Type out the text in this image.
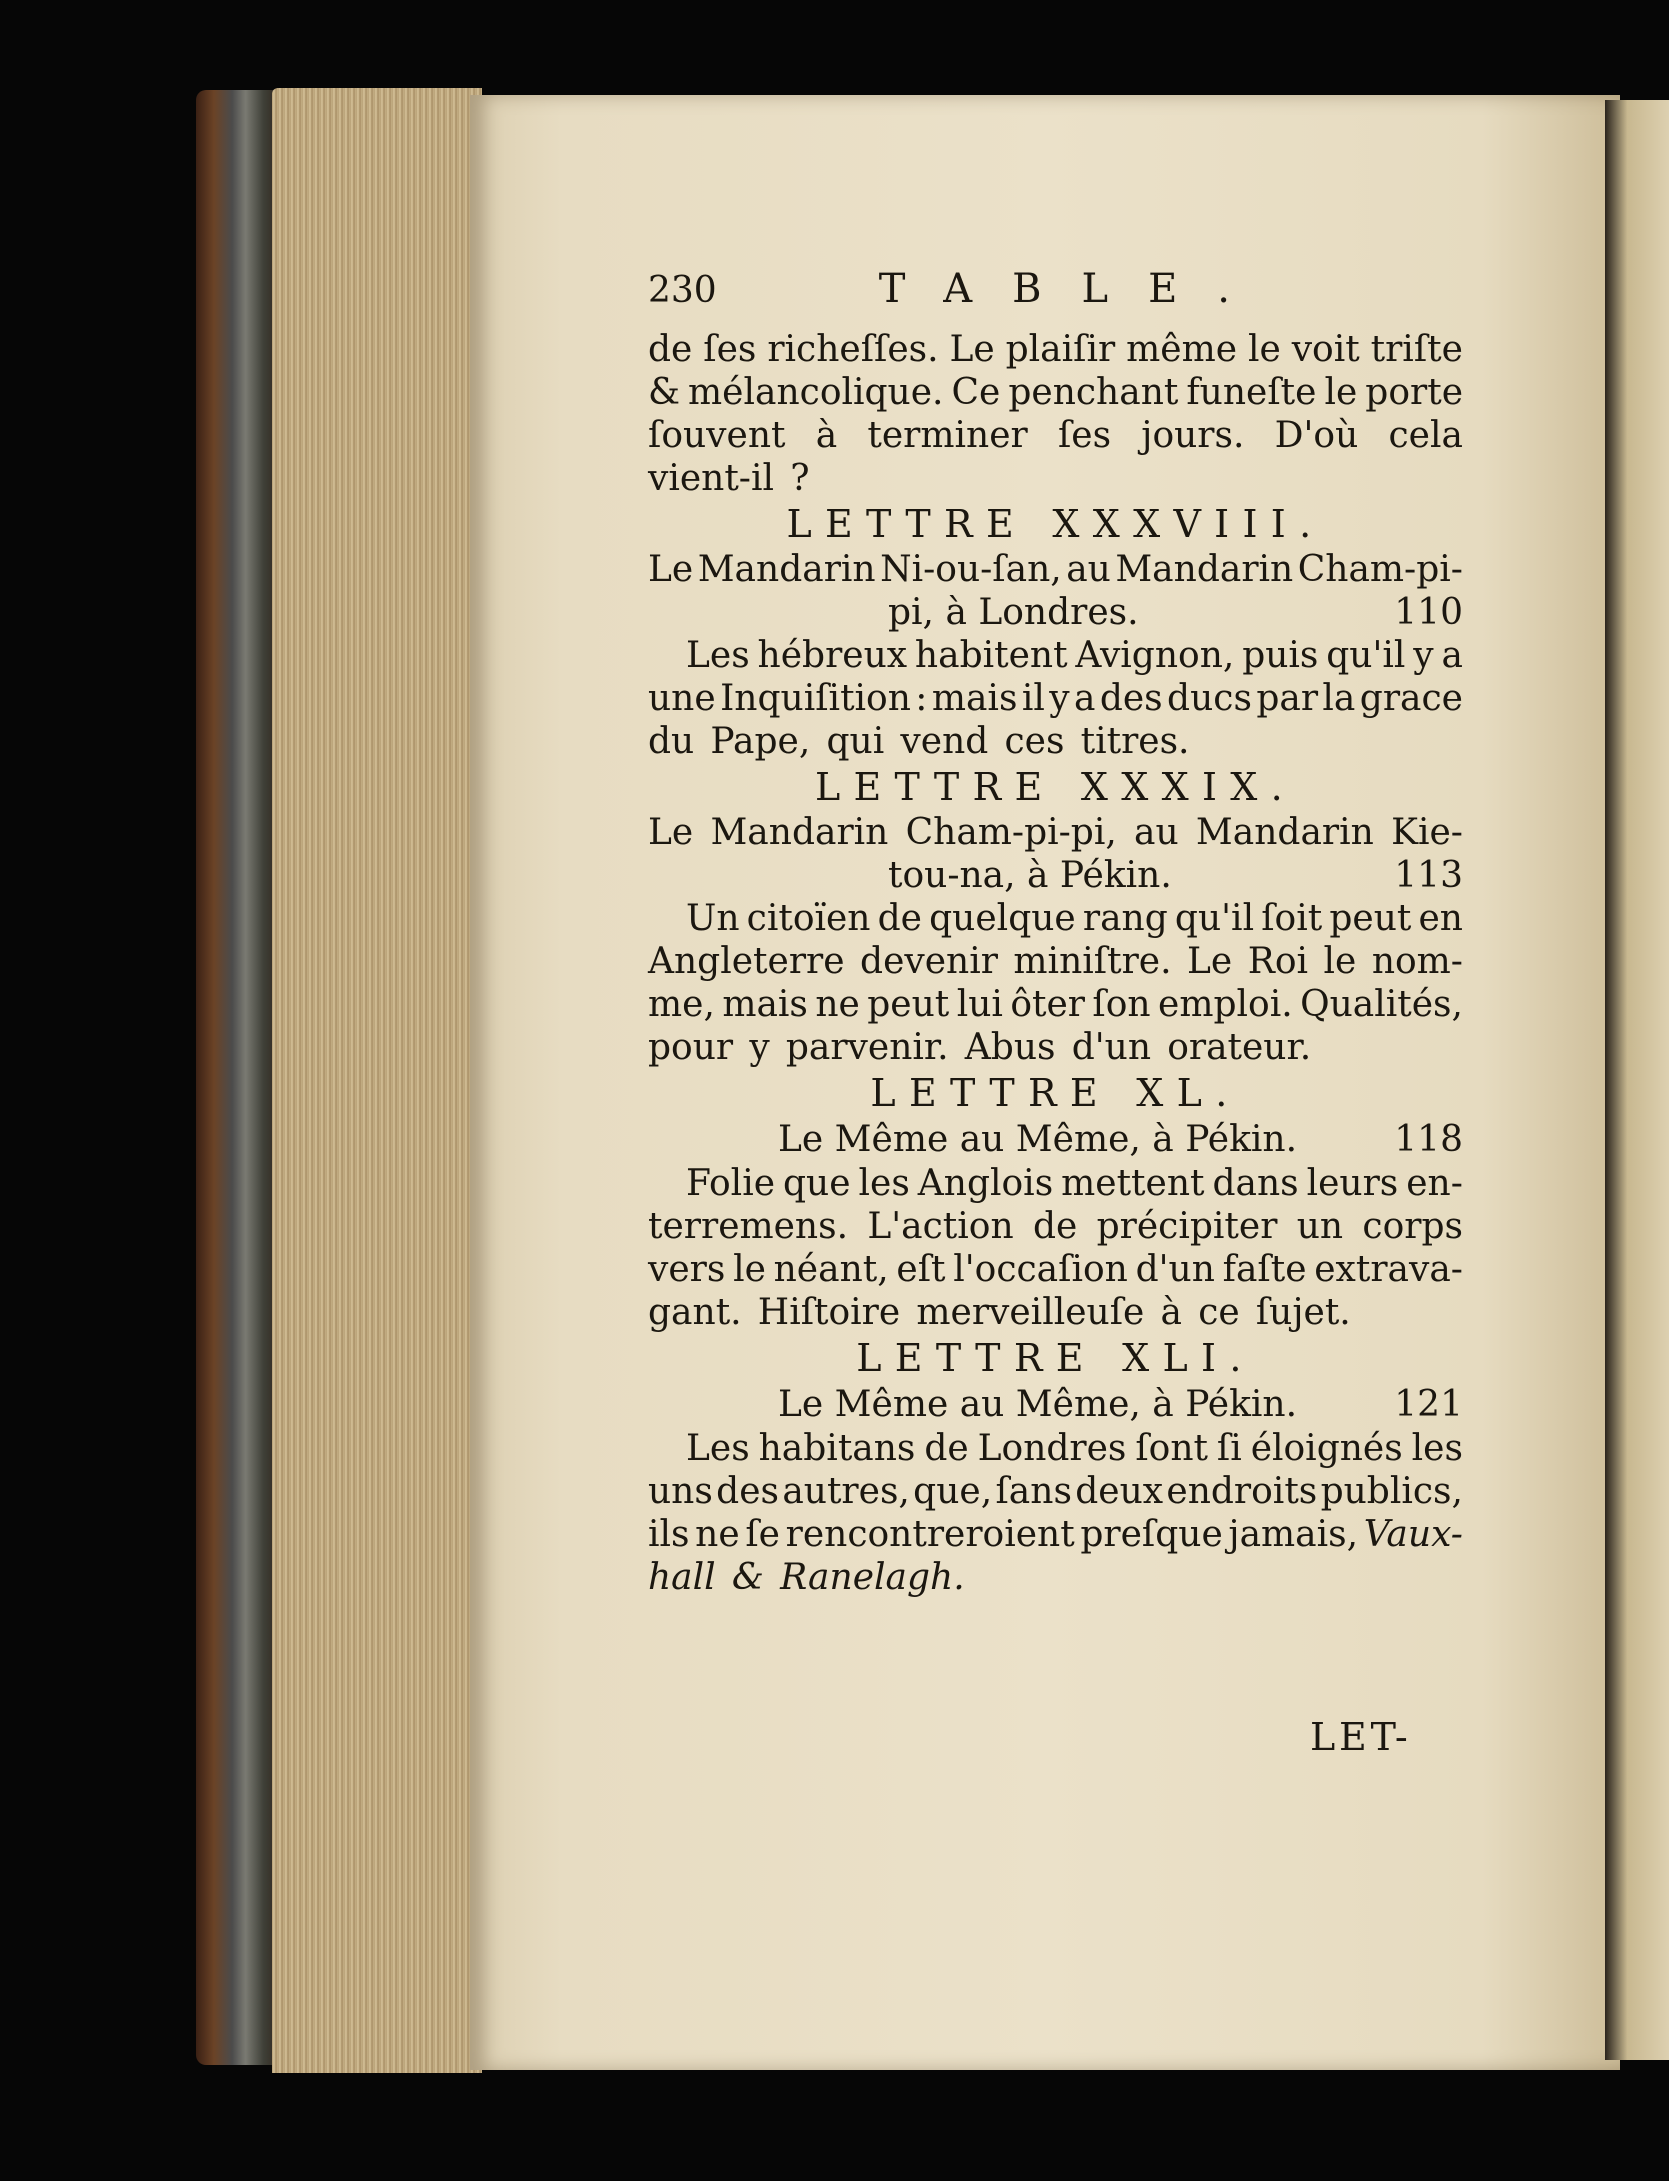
230	TABLE.
de ſes richeſſes. Le plaiſir même le voit triſte
& mélancolique. Ce penchant funeſte le porte
ſouvent à terminer ſes jours. D'où cela
vient-il ?
LETTRE XXXVIII.
Le Mandarin Ni-ou-ſan, au Mandarin Cham-pi-
pi, à Londres.	110
Les hébreux habitent Avignon, puis qu'il y a
une Inquiſition : mais il y a des ducs par la grace
du Pape, qui vend ces titres.
LETTRE XXXIX.
Le Mandarin Cham-pi-pi, au Mandarin Kie-
tou-na, à Pékin.	113
Un citoïen de quelque rang qu'il ſoit peut en
Angleterre devenir miniſtre. Le Roi le nom-
me, mais ne peut lui ôter ſon emploi. Qualités,
pour y parvenir. Abus d'un orateur.
LETTRE XL.
Le Même au Même, à Pékin.	118
Folie que les Anglois mettent dans leurs en-
terremens. L'action de précipiter un corps
vers le néant, eſt l'occaſion d'un faſte extrava-
gant. Hiſtoire merveilleuſe à ce ſujet.
LETTRE XLI.
Le Même au Même, à Pékin.	121
Les habitans de Londres ſont ſi éloignés les
uns des autres, que, ſans deux endroits publics,
ils ne ſe rencontreroient preſque jamais, Vaux-
hall & Ranelagh.
LET-
